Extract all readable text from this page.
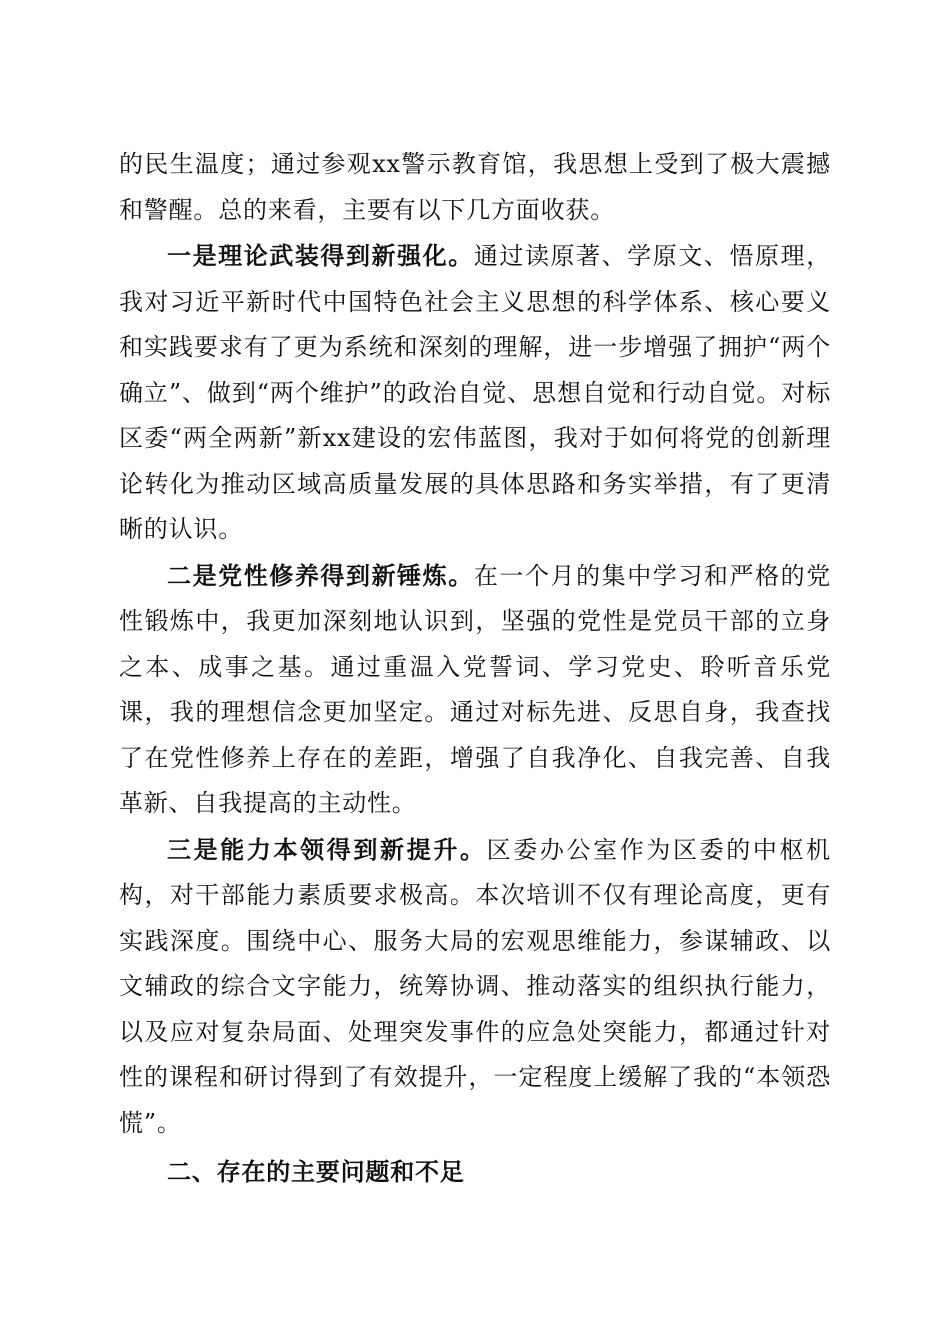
的民生温度；通过参观xx警示教育馆，我思想上受到了极大震撼和警醒。总的来看，主要有以下几方面收获。

一是理论武装得到新强化。通过读原著、学原文、悟原理，我对习近平新时代中国特色社会主义思想的科学体系、核心要义和实践要求有了更为系统和深刻的理解，进一步增强了拥护“两个确立”、做到“两个维护”的政治自觉、思想自觉和行动自觉。对标区委“两全两新”新xx建设的宏伟蓝图，我对于如何将党的创新理论转化为推动区域高质量发展的具体思路和务实举措，有了更清晰的认识。

二是党性修养得到新锤炼。在一个月的集中学习和严格的党性锻炼中，我更加深刻地认识到，坚强的党性是党员干部的立身之本、成事之基。通过重温入党誓词、学习党史、聆听音乐党课，我的理想信念更加坚定。通过对标先进、反思自身，我查找了在党性修养上存在的差距，增强了自我净化、自我完善、自我革新、自我提高的主动性。

三是能力本领得到新提升。区委办公室作为区委的中枢机构，对干部能力素质要求极高。本次培训不仅有理论高度，更有实践深度。围绕中心、服务大局的宏观思维能力，参谋辅政、以文辅政的综合文字能力，统筹协调、推动落实的组织执行能力，以及应对复杂局面、处理突发事件的应急处突能力，都通过针对性的课程和研讨得到了有效提升，一定程度上缓解了我的“本领恐慌”。

二、存在的主要问题和不足
